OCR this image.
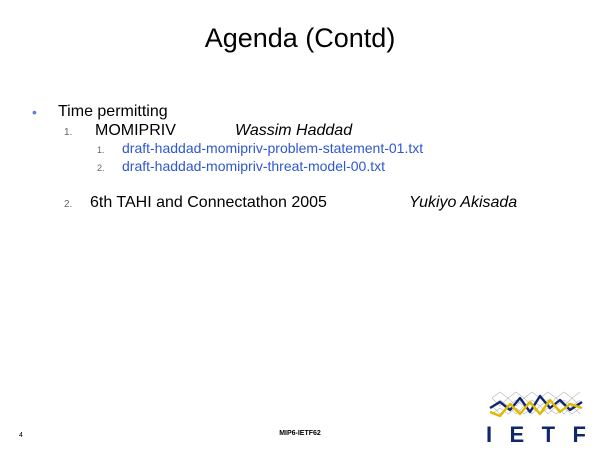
Agenda (Contd)
• Time permitting
1. MOMIPRIV	Wassim Haddad
1. draft-haddad-momipriv-problem-statement-01.txt
2. draft-haddad-momipriv-threat-model-00.txt
2. 6th TAHI and Connectathon 2005	Yukiyo Akisada
MIP6-IETF62
4	I E T F
